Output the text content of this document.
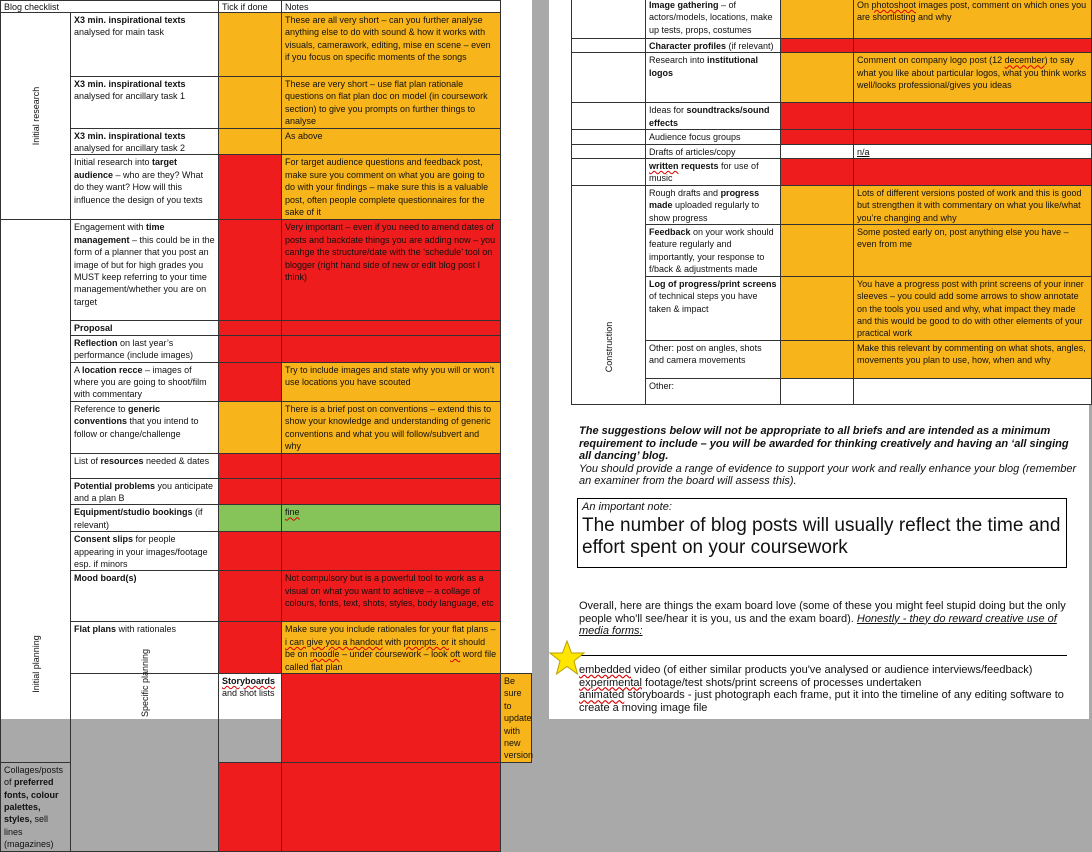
Blog checklist		Tick if done	Notes	

Initial research	X3 min. inspirational texts
analysed for main task		These are all very short – can you further analyse anything else to do with sound & how it works with visuals, camerawork, editing, mise en scene – even if you focus on specific moments of the songs	
	X3 min. inspirational texts
analysed for ancillary task 1		These are very short – use flat plan rationale questions on flat plan doc on model (in coursework section) to give you prompts on further things to analyse	
	X3 min. inspirational texts
analysed for ancillary task 2		As above	
	Initial research into target audience – who are they? What do they want? How will this influence the design of you texts		For target audience questions and feedback post, make sure you comment on what you are going to do with your findings – make sure this is a valuable post, often people complete questionnaires for the sake of it	

Initial planning	Engagement with time management – this could be in the form of a planner that you post an image of but for high grades you MUST keep referring to your time management/whether you are on target		Very important – even if you need to amend dates of posts and backdate things you are adding now – you canhge the structure/date with the ‘schedule’ tool on blogger (right hand side of new or edit blog post I think)	
	Proposal			
	Reflection on last year’s performance (include images)			
	A location recce – images of where you are going to shoot/film with commentary		Try to include images and state why you will or won’t use locations you have scouted	
	Reference to generic conventions that you intend to follow or change/challenge		There is a brief post on conventions – extend this to show your knowledge and understanding of generic conventions and what you will follow/subvert and why	
	List of resources needed & dates			
	Potential problems you anticipate and a plan B			
	Equipment/studio bookings (if relevant)		fine	
	Consent slips for people appearing in your images/footage esp. if minors			
	Mood board(s)		Not compulsory but is a powerful tool to work as a visual on what you want to achieve – a collage of colours, fonts, text, shots, styles, body language, etc	
	Flat plans with rationales		Make sure you include rationales for your flat plans – i can give you a handout with prompts. or it should be on moodle – under coursework – look oft word file called flat plan	

	Specific planning	Storyboards and shot lists		Be sure to update with new version
Collages/posts of preferred fonts, colour palettes, styles, sell lines (magazines)				
	Image gathering – of actors/models, locations, make up tests, props, costumes		On photoshoot images post, comment on which ones you are shortlisting and why
	Character profiles (if relevant)		
	Research into institutional logos		Comment on company logo post (12 december) to say what you like about particular logos, what you think works well/looks professional/gives you ideas
	Ideas for soundtracks/sound effects		
	Audience focus groups		
	Drafts of articles/copy		n/a
	written requests for use of music		

Construction	Rough drafts and progress made uploaded regularly to show progress		Lots of different versions posted of work and this is good but strengthen it with commentary on what you like/what you’re changing and why
	Feedback on your work should feature regularly and importantly, your response to f/back & adjustments made		Some posted early on, post anything else you have – even from me
	Log of progress/print screens of technical steps you have taken & impact		You have a progress post with print screens of your inner sleeves – you could add some arrows to show annotate on the tools you used and why, what impact they made and this would be good to do with other elements of your practical work
	Other: post on angles, shots and camera movements		Make this relevant by commenting on what shots, angles, movements you plan to use, how, when and why
	Other:		
The suggestions below will not be appropriate to all briefs and are intended as a minimum requirement to include – you will be awarded for thinking creatively and having an ‘all singing all dancing’ blog.
You should provide a range of evidence to support your work and really enhance your blog (remember an examiner from the board will assess this).
An important note:
The number of blog posts will usually reflect the time and effort spent on your coursework
Overall, here are things the exam board love (some of these you might feel stupid doing but the only people who'll see/hear it is you, us and the exam board). Honestly - they do reward creative use of media forms:
embedded video (of either similar products you've analysed or audience interviews/feedback)
experimental footage/test shots/print screens of processes undertaken
animated storyboards - just photograph each frame, put it into the timeline of any editing software to create a moving image file
